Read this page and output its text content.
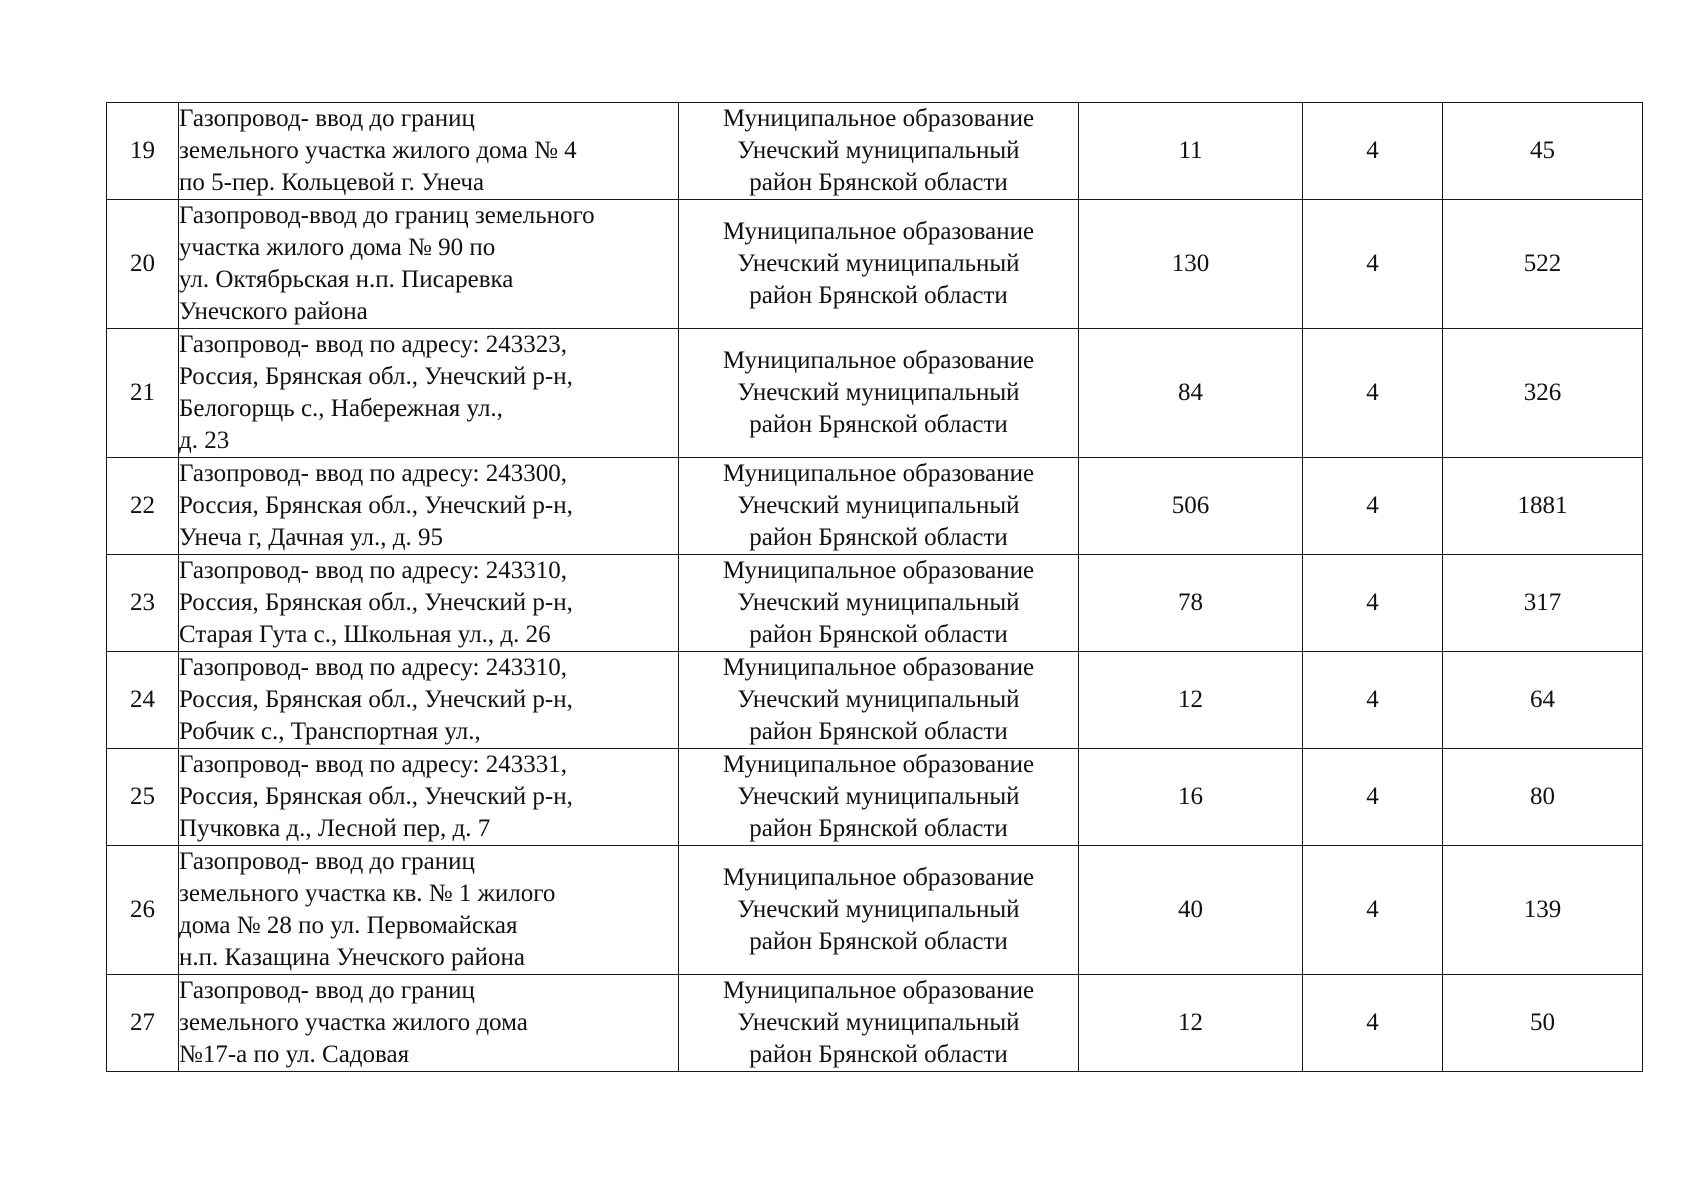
19	Газопровод- ввод до границ
земельного участка жилого дома № 4
по 5-пер. Кольцевой г. Унеча	Муниципальное образование
Унечский муниципальный
район Брянской области	11	4	45
20	Газопровод-ввод до границ земельного
участка жилого дома № 90 по
ул. Октябрьская н.п. Писаревка
Унечского района	Муниципальное образование
Унечский муниципальный
район Брянской области	130	4	522
21	Газопровод- ввод по адресу: 243323,
Россия, Брянская обл., Унечский р-н,
Белогорщь с., Набережная ул.,
д. 23	Муниципальное образование
Унечский муниципальный
район Брянской области	84	4	326
22	Газопровод- ввод по адресу: 243300,
Россия, Брянская обл., Унечский р-н,
Унеча г, Дачная ул., д. 95	Муниципальное образование
Унечский муниципальный
район Брянской области	506	4	1881
23	Газопровод- ввод по адресу: 243310,
Россия, Брянская обл., Унечский р-н,
Старая Гута с., Школьная ул., д. 26	Муниципальное образование
Унечский муниципальный
район Брянской области	78	4	317
24	Газопровод- ввод по адресу: 243310,
Россия, Брянская обл., Унечский р-н,
Робчик с., Транспортная ул.,	Муниципальное образование
Унечский муниципальный
район Брянской области	12	4	64
25	Газопровод- ввод по адресу: 243331,
Россия, Брянская обл., Унечский р-н,
Пучковка д., Лесной пер, д. 7	Муниципальное образование
Унечский муниципальный
район Брянской области	16	4	80
26	Газопровод- ввод до границ
земельного участка кв. № 1 жилого
дома № 28 по ул. Первомайская
н.п. Казащина Унечского района	Муниципальное образование
Унечский муниципальный
район Брянской области	40	4	139
27	Газопровод- ввод до границ
земельного участка жилого дома
№17-а по ул. Садовая	Муниципальное образование
Унечский муниципальный
район Брянской области	12	4	50
